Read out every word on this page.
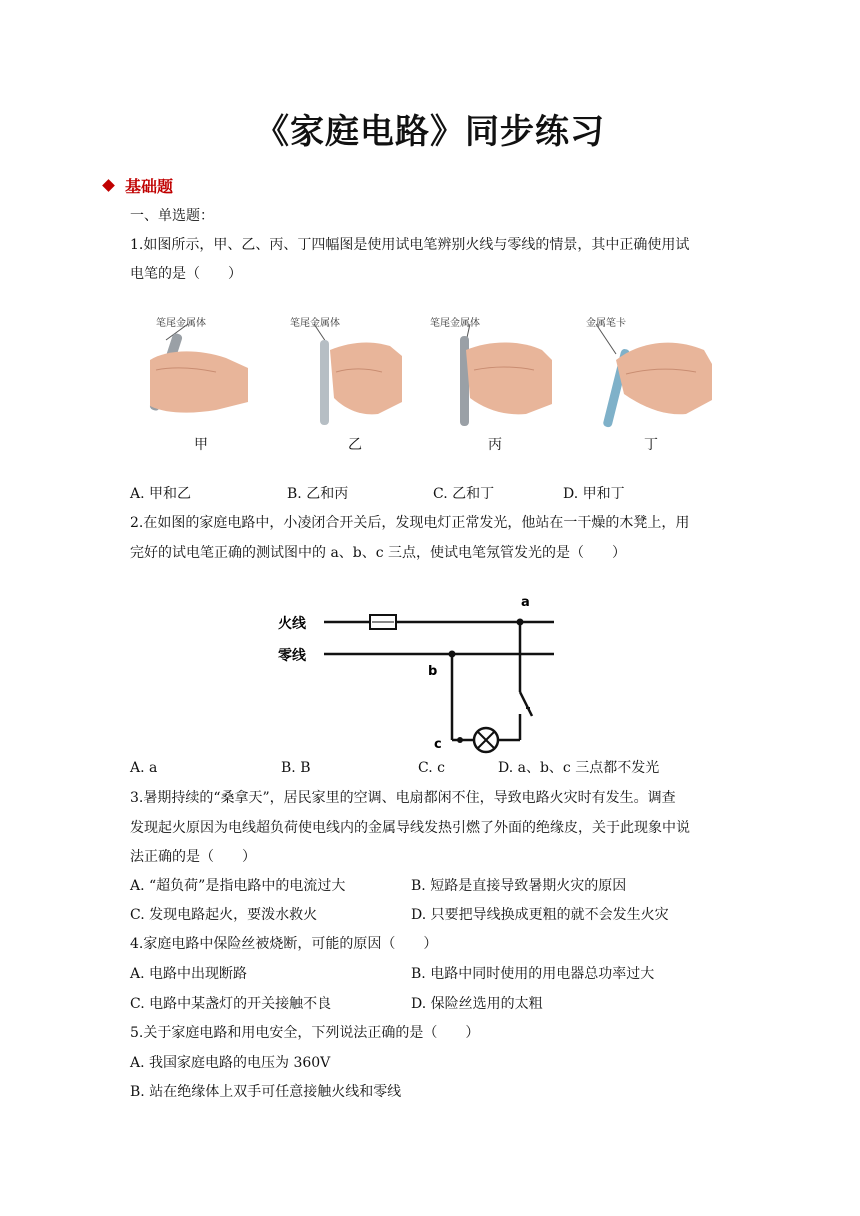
《家庭电路》同步练习
基础题
一、单选题：
1.如图所示，甲、乙、丙、丁四幅图是使用试电笔辨别火线与零线的情景，其中正确使用试
电笔的是（　　）
笔尾金属体
甲
笔尾金属体
乙
笔尾金属体
丙
金属笔卡
丁
A. 甲和乙	B. 乙和丙	C. 乙和丁	D. 甲和丁
2.在如图的家庭电路中，小凌闭合开关后，发现电灯正常发光，他站在一干燥的木凳上，用
完好的试电笔正确的测试图中的 a、b、c 三点，使试电笔氖管发光的是（　　）
火线
零线
a
b
c
A. a	B. B	C. c	D. a、b、c 三点都不发光
3.暑期持续的“桑拿天”，居民家里的空调、电扇都闲不住，导致电路火灾时有发生。调查
发现起火原因为电线超负荷使电线内的金属导线发热引燃了外面的绝缘皮，关于此现象中说
法正确的是（　　）
A. “超负荷”是指电路中的电流过大	B. 短路是直接导致暑期火灾的原因
C. 发现电路起火，要泼水救火	D. 只要把导线换成更粗的就不会发生火灾
4.家庭电路中保险丝被烧断，可能的原因（　　）
A. 电路中出现断路	B. 电路中同时使用的用电器总功率过大
C. 电路中某盏灯的开关接触不良	D. 保险丝选用的太粗
5.关于家庭电路和用电安全，下列说法正确的是（　　）
A. 我国家庭电路的电压为 360V
B. 站在绝缘体上双手可任意接触火线和零线
